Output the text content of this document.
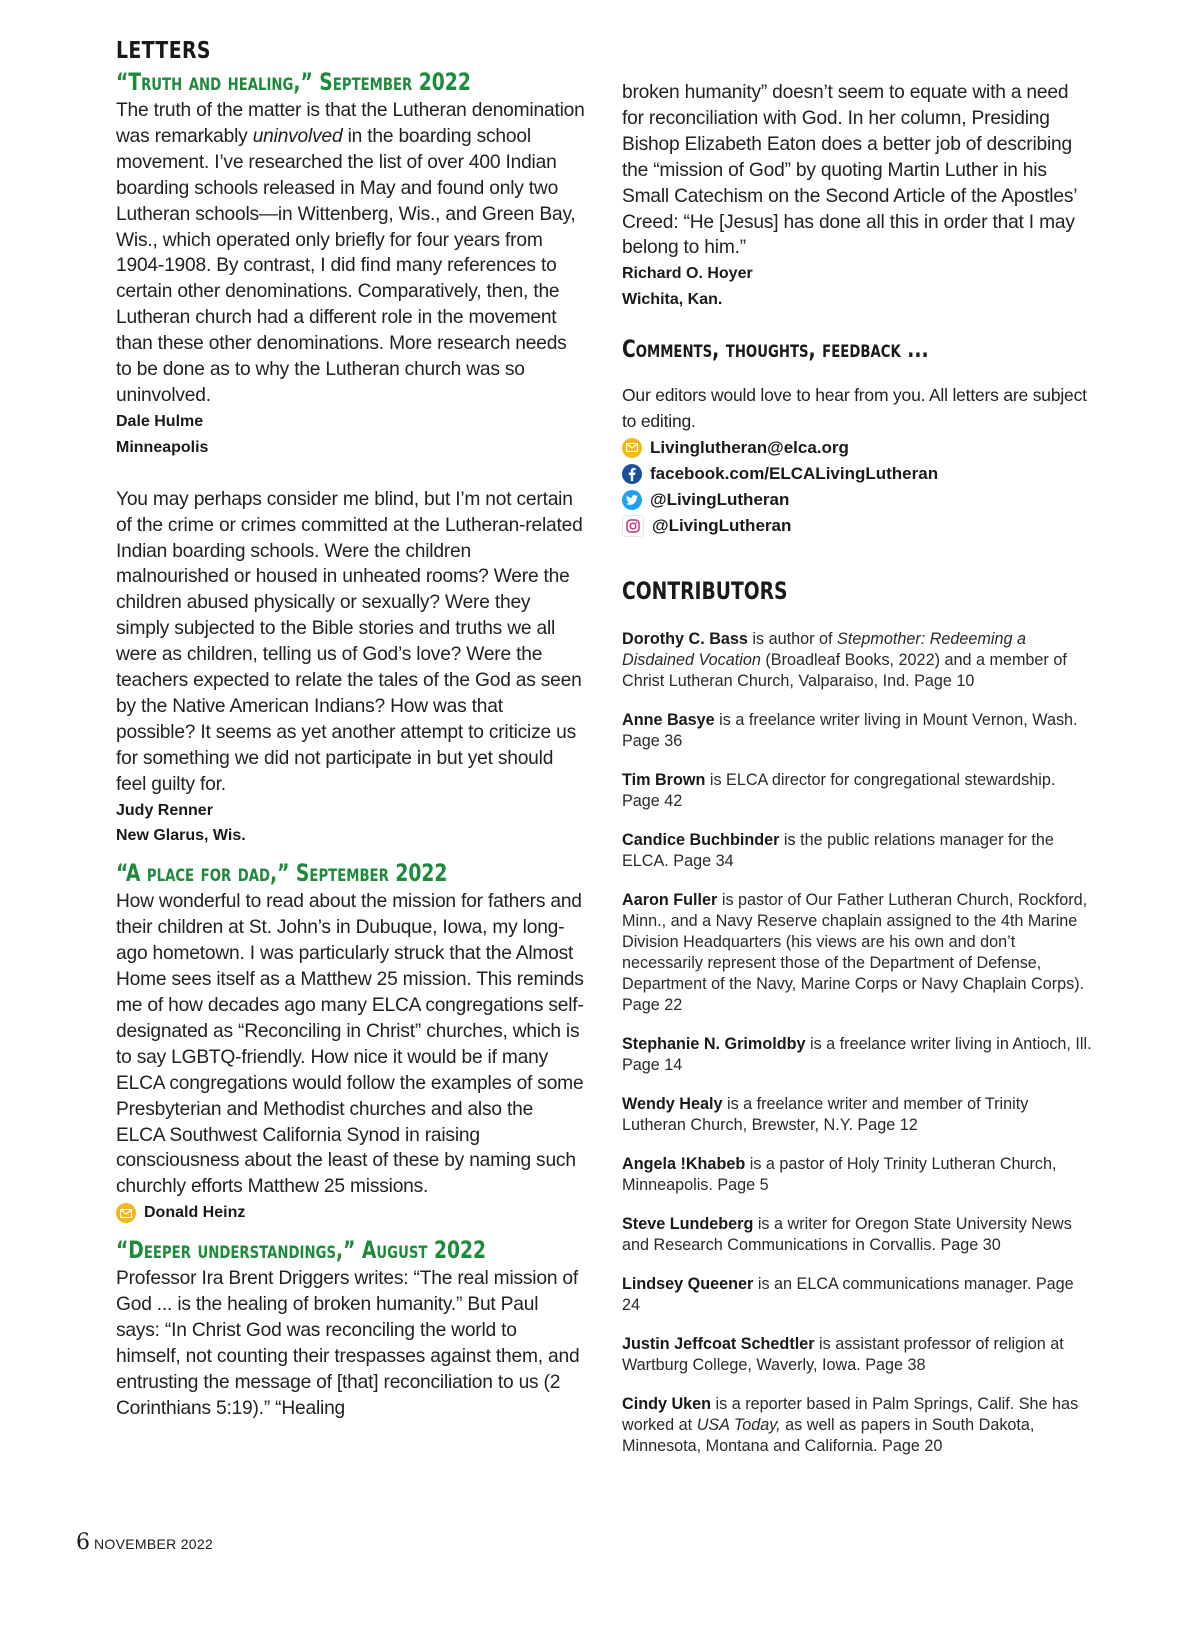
LETTERS
“Truth and healing,” September 2022

The truth of the matter is that the Lutheran denomination was remarkably uninvolved in the boarding school movement. I’ve researched the list of over 400 Indian boarding schools released in May and found only two Lutheran schools—in Wittenberg, Wis., and Green Bay, Wis., which operated only briefly for four years from 1904-1908. By contrast, I did find many references to certain other denominations. Comparatively, then, the Lutheran church had a different role in the movement than these other denominations. More research needs to be done as to why the Lutheran church was so uninvolved.

Dale Hulme

Minneapolis

You may perhaps consider me blind, but I’m not certain of the crime or crimes committed at the Lutheran-related Indian boarding schools. Were the children malnourished or housed in unheated rooms? Were the children abused physically or sexually? Were they simply subjected to the Bible stories and truths we all were as children, telling us of God’s love? Were the teachers expected to relate the tales of the God as seen by the Native American Indians? How was that possible? It seems as yet another attempt to criticize us for something we did not participate in but yet should feel guilty for.

Judy Renner

New Glarus, Wis.

“A place for dad,” September 2022

How wonderful to read about the mission for fathers and their children at St. John’s in Dubuque, Iowa, my long-ago hometown. I was particularly struck that the Almost Home sees itself as a Matthew 25 mission. This reminds me of how decades ago many ELCA congregations self-designated as “Reconciling in Christ” churches, which is to say LGBTQ-friendly. How nice it would be if many ELCA congregations would follow the examples of some Presbyterian and Methodist churches and also the ELCA Southwest California Synod in raising consciousness about the least of these by naming such churchly efforts Matthew 25 missions.

Donald Heinz
“Deeper understandings,” August 2022

Professor Ira Brent Driggers writes: “The real mission of God ... is the healing of broken humanity.” But Paul says: “In Christ God was reconciling the world to himself, not counting their trespasses against them, and entrusting the message of [that] reconciliation to us (2 Corinthians 5:19).” “Healing

broken humanity” doesn’t seem to equate with a need for reconciliation with God. In her column, Presiding Bishop Elizabeth Eaton does a better job of describing the “mission of God” by quoting Martin Luther in his Small Catechism on the Second Article of the Apostles’ Creed: “He [Jesus] has done all this in order that I may belong to him.”

Richard O. Hoyer

Wichita, Kan.

Comments, thoughts, feedback ...

Our editors would love to hear from you. All letters are subject to editing.

Livinglutheran@elca.org
facebook.com/ELCALivingLutheran
@LivingLutheran
@LivingLutheran
CONTRIBUTORS

Dorothy C. Bass is author of Stepmother: Redeeming a Disdained Vocation (Broadleaf Books, 2022) and a member of Christ Lutheran Church, Valparaiso, Ind. Page 10

Anne Basye is a freelance writer living in Mount Vernon, Wash. Page 36

Tim Brown is ELCA director for congregational stewardship. Page 42

Candice Buchbinder is the public relations manager for the ELCA. Page 34

Aaron Fuller is pastor of Our Father Lutheran Church, Rockford, Minn., and a Navy Reserve chaplain assigned to the 4th Marine Division Headquarters (his views are his own and don’t necessarily represent those of the Department of Defense, Department of the Navy, Marine Corps or Navy Chaplain Corps). Page 22

Stephanie N. Grimoldby is a freelance writer living in Antioch, Ill. Page 14

Wendy Healy is a freelance writer and member of Trinity Lutheran Church, Brewster, N.Y. Page 12

Angela !Khabeb is a pastor of Holy Trinity Lutheran Church, Minneapolis. Page 5

Steve Lundeberg is a writer for Oregon State University News and Research Communications in Corvallis. Page 30

Lindsey Queener is an ELCA communications manager. Page 24

Justin Jeffcoat Schedtler is assistant professor of religion at Wartburg College, Waverly, Iowa. Page 38

Cindy Uken is a reporter based in Palm Springs, Calif. She has worked at USA Today, as well as papers in South Dakota, Minnesota, Montana and California. Page 20

6 NOVEMBER 2022
